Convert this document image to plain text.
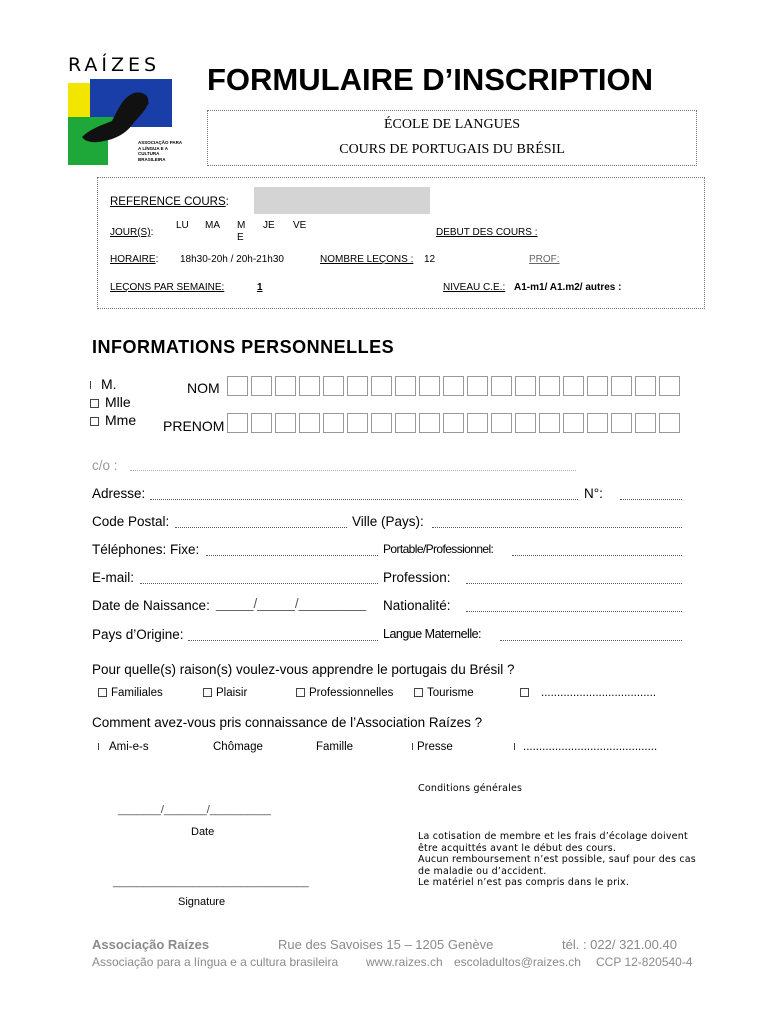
RAÍZES
ASSOCIAÇÃO PARA A LÍNGUA E A CULTURA BRASILEIRA
FORMULAIRE D’INSCRIPTION
ÉCOLE DE LANGUES
COURS DE PORTUGAIS DU BRÉSIL
REFERENCE COURS:
JOUR(S):
LU MA M E
JE VE
DEBUT DES COURS :
HORAIRE: 18h30-20h / 20h-21h30	NOMBRE LEÇONS : 12	PROF:
LEÇONS PAR SEMAINE:	1	NIVEAU C.E.: A1-m1/ A1.m2/ autres :
INFORMATIONS PERSONNELLES
M.
Mlle
Mme
NOM
PRENOM
c/o :
Adresse:	N°:
Code Postal:	Ville (Pays):
Téléphones: Fixe:	Portable/Professionnel:
E-mail:	Profession:
Date de Naissance: _____/_____/_________ Nationalité:
Pays d’Origine:	Langue Maternelle:
Pour quelle(s) raison(s) voulez-vous apprendre le portugais du Brésil ?
Familiales	Plaisir	Professionnelles	Tourisme	....................................
Comment avez-vous pris connaissance de l’Association Raízes ?
Ami-e-s	Chômage	Famille	Presse	..........................................
_______/_______/__________
Date
________________________________
Signature
Conditions générales
La cotisation de membre et les frais d’écolage doivent
être acquittés avant le début des cours.
Aucun remboursement n’est possible, sauf pour des cas
de maladie ou d’accident.
Le matériel n’est pas compris dans le prix.
Associação Raízes	Rue des Savoises 15 – 1205 Genève	tél. : 022/ 321.00.40
Associação para a língua e a cultura brasileira www.raizes.ch escoladultos@raizes.ch CCP 12-820540-4
